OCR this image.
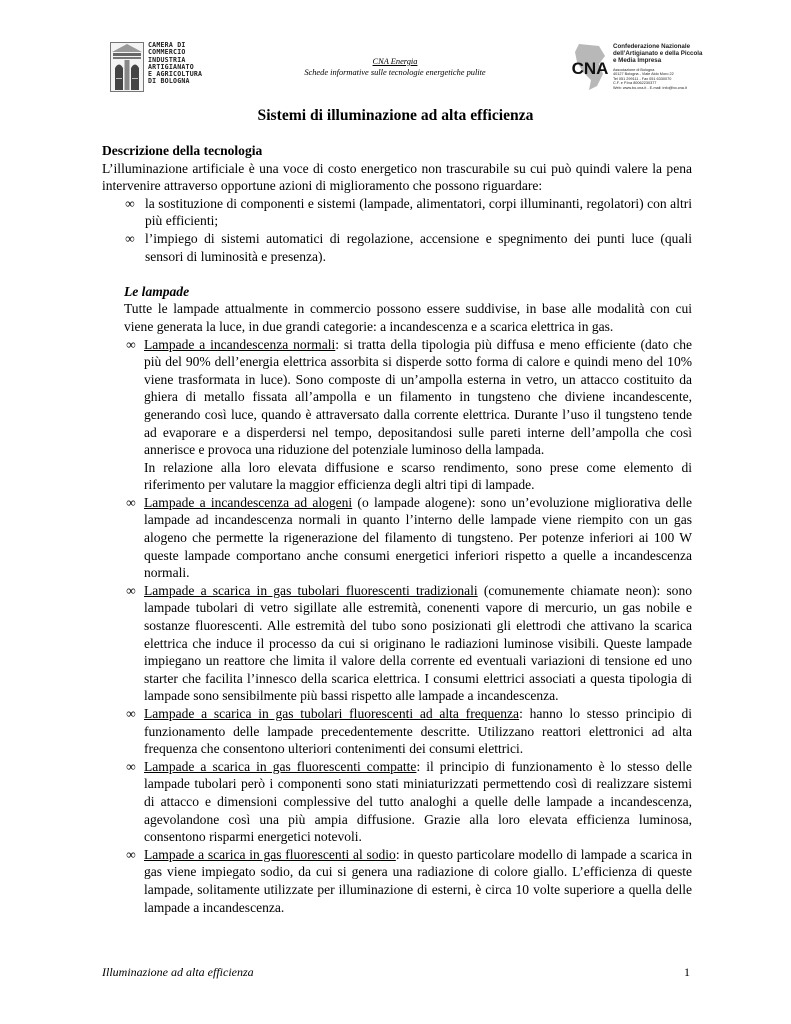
CAMERA DI
COMMERCIO
INDUSTRIA
ARTIGIANATO
E AGRICOLTURA
DI BOLOGNA
CNA Energia
Schede informative sulle tecnologie energetiche pulite	CNA
Confederazione Nazionale
dell’Artigianato e della Piccola
e Media Impresa
Associazione di Bologna
40127 Bologna - Viale Aldo Moro 22
Tel 051 299111 - Fax 051 6330070
C.F. e P.Iva 80062230377
Web: www.bo.cna.it - E-mail: info@bo.cna.it
Sistemi di illuminazione ad alta efficienza

Descrizione della tecnologia

L’illuminazione artificiale è una voce di costo energetico non trascurabile su cui può quindi valere la pena intervenire attraverso opportune azioni di miglioramento che possono riguardare:

∞ la sostituzione di componenti e sistemi (lampade, alimentatori, corpi illuminanti, regolatori) con altri più efficienti;
∞ l’impiego di sistemi automatici di regolazione, accensione e spegnimento dei punti luce (quali sensori di luminosità e presenza).

Le lampade

Tutte le lampade attualmente in commercio possono essere suddivise, in base alle modalità con cui viene generata la luce, in due grandi categorie: a incandescenza e a scarica elettrica in gas.

∞ Lampade a incandescenza normali: si tratta della tipologia più diffusa e meno efficiente (dato che più del 90% dell’energia elettrica assorbita si disperde sotto forma di calore e quindi meno del 10% viene trasformata in luce). Sono composte di un’ampolla esterna in vetro, un attacco costituito da ghiera di metallo fissata all’ampolla e un filamento in tungsteno che diviene incandescente, generando così luce, quando è attraversato dalla corrente elettrica. Durante l’uso il tungsteno tende ad evaporare e a disperdersi nel tempo, depositandosi sulle pareti interne dell’ampolla che così annerisce e provoca una riduzione del potenziale luminoso della lampada.
In relazione alla loro elevata diffusione e scarso rendimento, sono prese come elemento di riferimento per valutare la maggior efficienza degli altri tipi di lampade.
∞ Lampade a incandescenza ad alogeni (o lampade alogene): sono un’evoluzione migliorativa delle lampade ad incandescenza normali in quanto l’interno delle lampade viene riempito con un gas alogeno che permette la rigenerazione del filamento di tungsteno. Per potenze inferiori ai 100 W queste lampade comportano anche consumi energetici inferiori rispetto a quelle a incandescenza normali.
∞ Lampade a scarica in gas tubolari fluorescenti tradizionali (comunemente chiamate neon): sono lampade tubolari di vetro sigillate alle estremità, conenenti vapore di mercurio, un gas nobile e sostanze fluorescenti. Alle estremità del tubo sono posizionati gli elettrodi che attivano la scarica elettrica che induce il processo da cui si originano le radiazioni luminose visibili. Queste lampade impiegano un reattore che limita il valore della corrente ed eventuali variazioni di tensione ed uno starter che facilita l’innesco della scarica elettrica. I consumi elettrici associati a questa tipologia di lampade sono sensibilmente più bassi rispetto alle lampade a incandescenza.
∞ Lampade a scarica in gas tubolari fluorescenti ad alta frequenza: hanno lo stesso principio di funzionamento delle lampade precedentemente descritte. Utilizzano reattori elettronici ad alta frequenza che consentono ulteriori contenimenti dei consumi elettrici.
∞ Lampade a scarica in gas fluorescenti compatte: il principio di funzionamento è lo stesso delle lampade tubolari però i componenti sono stati miniaturizzati permettendo così di realizzare sistemi di attacco e dimensioni complessive del tutto analoghi a quelle delle lampade a incandescenza, agevolandone così una più ampia diffusione. Grazie alla loro elevata efficienza luminosa, consentono risparmi energetici notevoli.
∞ Lampade a scarica in gas fluorescenti al sodio: in questo particolare modello di lampade a scarica in gas viene impiegato sodio, da cui si genera una radiazione di colore giallo. L’efficienza di queste lampade, solitamente utilizzate per illuminazione di esterni, è circa 10 volte superiore a quella delle lampade a incandescenza.
Illuminazione ad alta efficienza	1
